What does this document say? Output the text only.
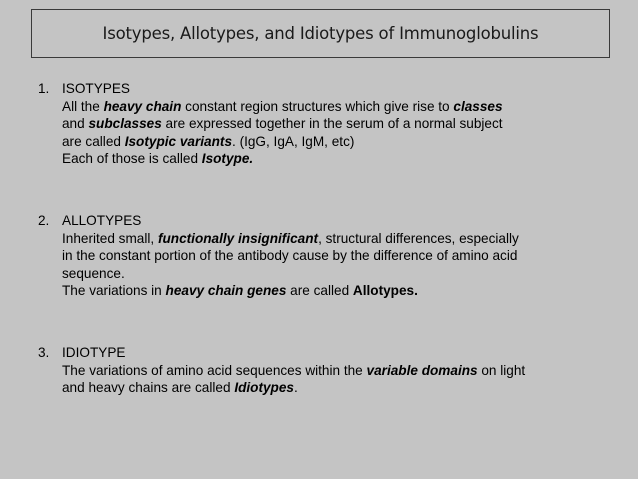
Isotypes, Allotypes, and Idiotypes of Immunoglobulins
1. ISOTYPES
All the heavy chain constant region structures which give rise to classes
and subclasses are expressed together in the serum of a normal subject
are called Isotypic variants. (IgG, IgA, IgM, etc)
Each of those is called Isotype.
2. ALLOTYPES
Inherited small, functionally insignificant, structural differences, especially
in the constant portion of the antibody cause by the difference of amino acid
sequence.
The variations in heavy chain genes are called Allotypes.
3. IDIOTYPE
The variations of amino acid sequences within the variable domains on light
and heavy chains are called Idiotypes.
